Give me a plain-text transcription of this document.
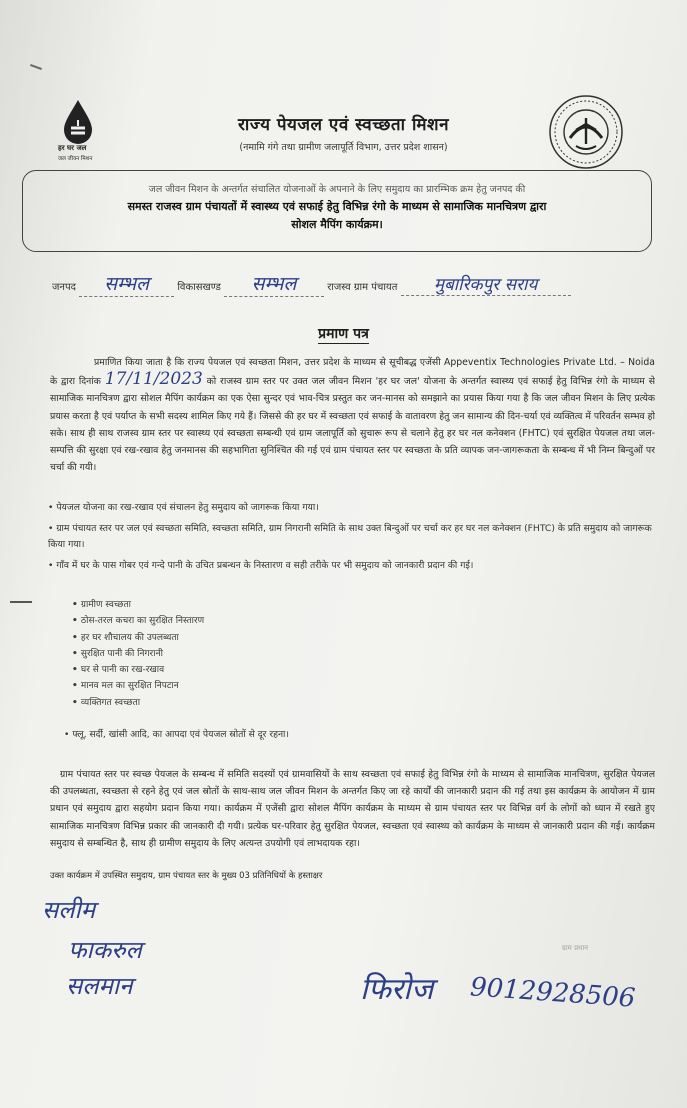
हर घर जल
जल जीवन मिशन
राज्य पेयजल एवं स्वच्छता मिशन
(नमामि गंगे तथा ग्रामीण जलापूर्ति विभाग, उत्तर प्रदेश शासन)
जल जीवन मिशन के अन्तर्गत संचालित योजनाओं के अपनाने के लिए समुदाय का प्रारम्भिक क्रम हेतु जनपद की
समस्त राजस्व ग्राम पंचायतों में स्वास्थ्य एवं सफाई हेतु विभिन्न रंगो के माध्यम से सामाजिक मानचित्रण द्वारा
सोशल मैपिंग कार्यक्रम।
जनपद सम्भल	विकासखण्ड सम्भल	राजस्व ग्राम पंचायत मुबारिकपुर सराय
प्रमाण पत्र
प्रमाणित किया जाता है कि राज्य पेयजल एवं स्वच्छता मिशन, उत्तर प्रदेश के माध्यम से सूचीबद्ध एजेंसी Appeventix Technologies Private Ltd. – Noida के द्वारा दिनांक 17/11/2023 को राजस्व ग्राम स्तर पर उक्त जल जीवन मिशन 'हर घर जल' योजना के अन्तर्गत स्वास्थ्य एवं सफाई हेतु विभिन्न रंगो के माध्यम से सामाजिक मानचित्रण द्वारा सोशल मैपिंग कार्यक्रम का एक ऐसा सुन्दर एवं भाव-चित्र प्रस्तुत कर जन-मानस को समझाने का प्रयास किया गया है कि जल जीवन मिशन के लिए प्रत्येक प्रयास करता है एवं पर्याप्त के सभी सदस्य शामिल किए गये हैं। जिससे की हर घर में स्वच्छता एवं सफाई के वातावरण हेतु जन सामान्य की दिन-चर्या एवं व्यक्तित्व में परिवर्तन सम्भव हो सके। साथ ही साथ राजस्व ग्राम स्तर पर स्वास्थ्य एवं स्वच्छता सम्बन्धी एवं ग्राम जलापूर्ति को सुचारू रूप से चलाने हेतु हर घर नल कनेक्शन (FHTC) एवं सुरक्षित पेयजल तथा जल-सम्पत्ति की सुरक्षा एवं रख-रखाव हेतु जनमानस की सहभागिता सुनिश्चित की गई एवं ग्राम पंचायत स्तर पर स्वच्छता के प्रति व्यापक जन-जागरूकता के सम्बन्ध में भी निम्न बिन्दुओं पर चर्चा की गयी।
• पेयजल योजना का रख-रखाव एवं संचालन हेतु समुदाय को जागरूक किया गया।
• ग्राम पंचायत स्तर पर जल एवं स्वच्छता समिति, स्वच्छता समिति, ग्राम निगरानी समिति के साथ उक्त बिन्दुओं पर चर्चा कर हर घर नल कनेक्शन (FHTC) के प्रति समुदाय को जागरूक किया गया।
• गाँव में घर के पास गोबर एवं गन्दे पानी के उचित प्रबन्धन के निस्तारण व सही तरीके पर भी समुदाय को जानकारी प्रदान की गई।
• ग्रामीण स्वच्छता
• ठोस-तरल कचरा का सुरक्षित निस्तारण
• हर घर शौचालय की उपलब्धता
• सुरक्षित पानी की निगरानी
• घर से पानी का रख-रखाव
• मानव मल का सुरक्षित निपटान
• व्यक्तिगत स्वच्छता
• फ्लू, सर्दी, खांसी आदि, का आपदा एवं पेयजल स्रोतों से दूर रहना।
ग्राम पंचायत स्तर पर स्वच्छ पेयजल के सम्बन्ध में समिति सदस्यों एवं ग्रामवासियों के साथ स्वच्छता एवं सफाई हेतु विभिन्न रंगो के माध्यम से सामाजिक मानचित्रण, सुरक्षित पेयजल की उपलब्धता, स्वच्छता से रहने हेतु एवं जल स्रोतों के साथ-साथ जल जीवन मिशन के अन्तर्गत किए जा रहे कार्यों की जानकारी प्रदान की गई तथा इस कार्यक्रम के आयोजन में ग्राम प्रधान एवं समुदाय द्वारा सहयोग प्रदान किया गया। कार्यक्रम में एजेंसी द्वारा सोशल मैपिंग कार्यक्रम के माध्यम से ग्राम पंचायत स्तर पर विभिन्न वर्ग के लोगों को ध्यान में रखते हुए सामाजिक मानचित्रण विभिन्न प्रकार की जानकारी दी गयी। प्रत्येक घर-परिवार हेतु सुरक्षित पेयजल, स्वच्छता एवं स्वास्थ्य को कार्यक्रम के माध्यम से जानकारी प्रदान की गई। कार्यक्रम समुदाय से सम्बन्धित है, साथ ही ग्रामीण समुदाय के लिए अत्यन्त उपयोगी एवं लाभदायक रहा।
उक्त कार्यक्रम में उपस्थित समुदाय, ग्राम पंचायत स्तर के मुख्य 03 प्रतिनिधियों के हस्ताक्षर
सलीम
फाकरुल
सलमान	फिरोज 9012928506
ग्राम प्रधान
